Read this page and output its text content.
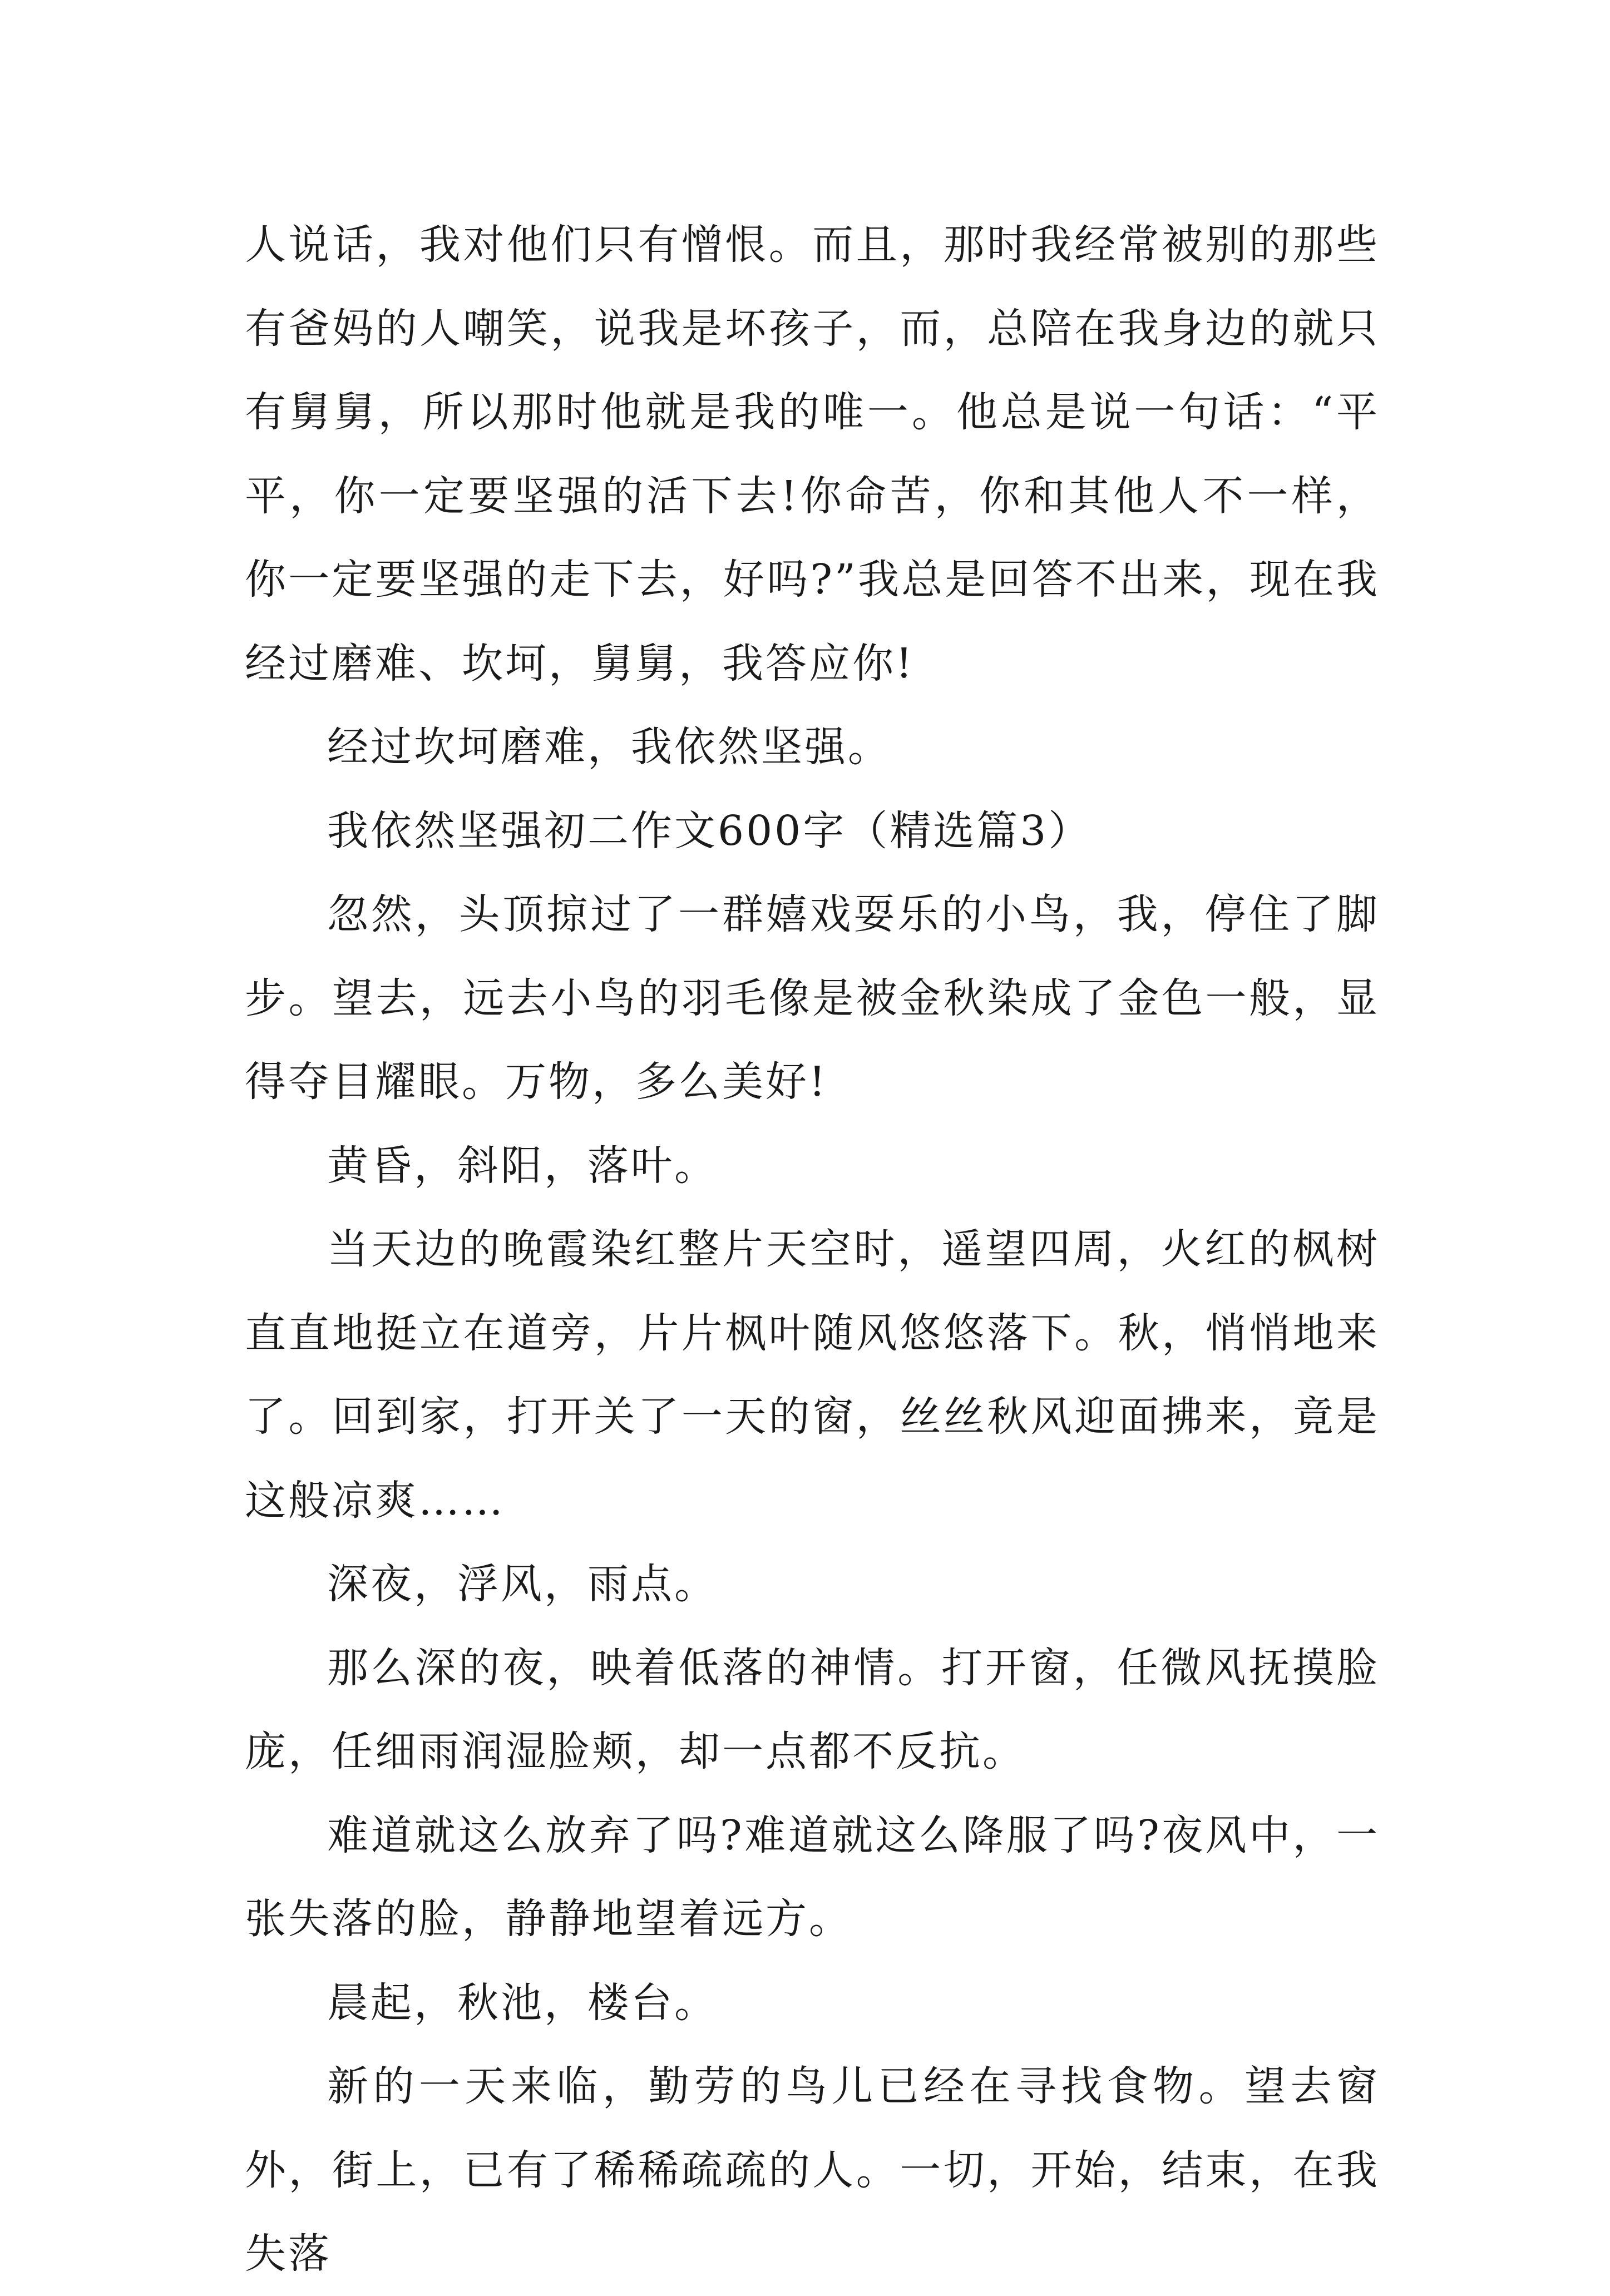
人说话，我对他们只有憎恨。而且，那时我经常被别的那些有爸妈的人嘲笑，说我是坏孩子，而，总陪在我身边的就只有舅舅，所以那时他就是我的唯一。他总是说一句话：“平平，你一定要坚强的活下去!你命苦，你和其他人不一样，你一定要坚强的走下去，好吗?”我总是回答不出来，现在我经过磨难、坎坷，舅舅，我答应你!

经过坎坷磨难，我依然坚强。

我依然坚强初二作文600字（精选篇3）

忽然，头顶掠过了一群嬉戏耍乐的小鸟，我，停住了脚步。望去，远去小鸟的羽毛像是被金秋染成了金色一般，显得夺目耀眼。万物，多么美好!

黄昏，斜阳，落叶。

当天边的晚霞染红整片天空时，遥望四周，火红的枫树直直地挺立在道旁，片片枫叶随风悠悠落下。秋，悄悄地来了。回到家，打开关了一天的窗，丝丝秋风迎面拂来，竟是这般凉爽……

深夜，浮风，雨点。

那么深的夜，映着低落的神情。打开窗，任微风抚摸脸庞，任细雨润湿脸颊，却一点都不反抗。

难道就这么放弃了吗?难道就这么降服了吗?夜风中，一张失落的脸，静静地望着远方。

晨起，秋池，楼台。

新的一天来临，勤劳的鸟儿已经在寻找食物。望去窗外，街上，已有了稀稀疏疏的人。一切，开始，结束，在我失落
